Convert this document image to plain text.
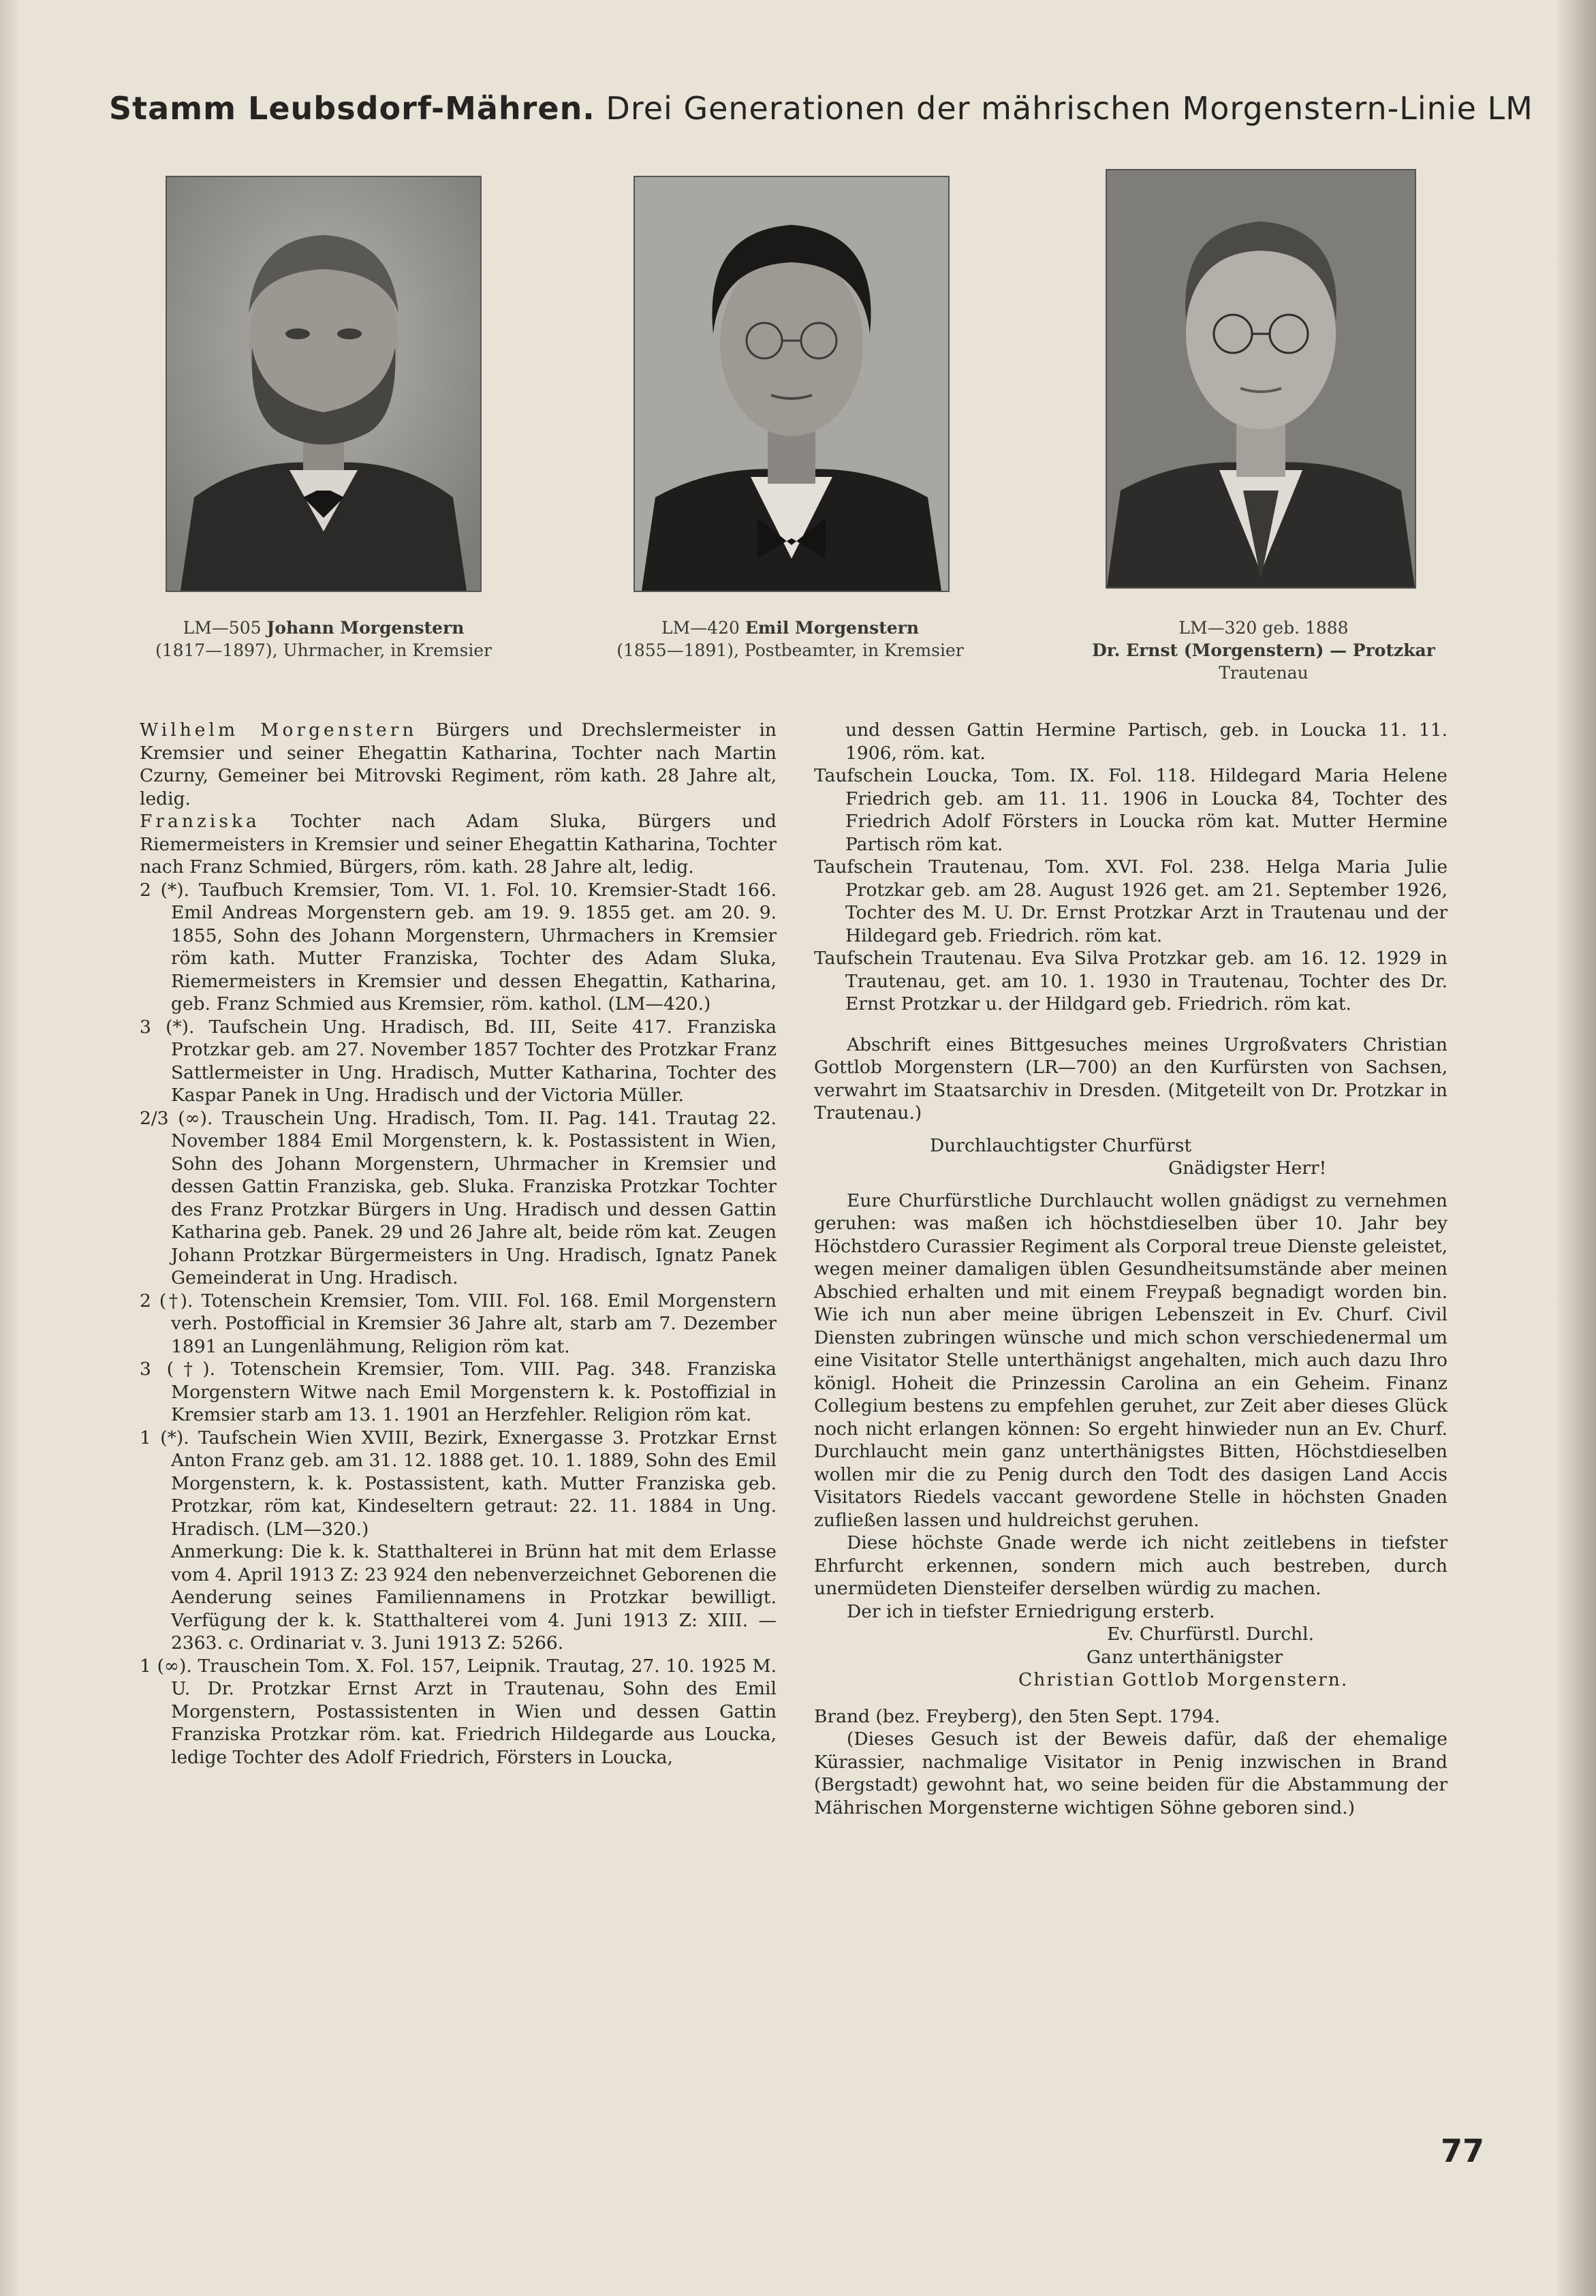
Stamm Leubsdorf-Mähren. Drei Generationen der mährischen Morgenstern-Linie LM
LM—505 Johann Morgenstern
(1817—1897), Uhrmacher, in Kremsier
LM—420 Emil Morgenstern
(1855—1891), Postbeamter, in Kremsier
LM—320 geb. 1888
Dr. Ernst (Morgenstern) — Protzkar
Trautenau

Wilhelm Morgenstern Bürgers und Drechslermeister in Kremsier und seiner Ehegattin Katharina, Tochter nach Martin Czurny, Gemeiner bei Mitrovski Regiment, röm kath. 28 Jahre alt, ledig.

Franziska Tochter nach Adam Sluka, Bürgers und Riemermeisters in Kremsier und seiner Ehegattin Katharina, Tochter nach Franz Schmied, Bürgers, röm. kath. 28 Jahre alt, ledig.

2 (*). Taufbuch Kremsier, Tom. VI. 1. Fol. 10. Kremsier-Stadt 166. Emil Andreas Morgenstern geb. am 19. 9. 1855 get. am 20. 9. 1855, Sohn des Johann Morgenstern, Uhrmachers in Kremsier röm kath. Mutter Franziska, Tochter des Adam Sluka, Riemermeisters in Kremsier und dessen Ehegattin, Katharina, geb. Franz Schmied aus Kremsier, röm. kathol. (LM—420.)

3 (*). Taufschein Ung. Hradisch, Bd. III, Seite 417. Franziska Protzkar geb. am 27. November 1857 Tochter des Protzkar Franz Sattlermeister in Ung. Hradisch, Mutter Katharina, Tochter des Kaspar Panek in Ung. Hradisch und der Victoria Müller.

2/3 (∞). Trauschein Ung. Hradisch, Tom. II. Pag. 141. Trautag 22. November 1884 Emil Morgenstern, k. k. Postassistent in Wien, Sohn des Johann Morgenstern, Uhrmacher in Kremsier und dessen Gattin Franziska, geb. Sluka. Franziska Protzkar Tochter des Franz Protzkar Bürgers in Ung. Hradisch und dessen Gattin Katharina geb. Panek. 29 und 26 Jahre alt, beide röm kat. Zeugen Johann Protzkar Bürgermeisters in Ung. Hradisch, Ignatz Panek Gemeinderat in Ung. Hradisch.

2 (†). Totenschein Kremsier, Tom. VIII. Fol. 168. Emil Morgenstern verh. Postofficial in Kremsier 36 Jahre alt, starb am 7. Dezember 1891 an Lungenlähmung, Religion röm kat.

3 (†). Totenschein Kremsier, Tom. VIII. Pag. 348. Franziska Morgenstern Witwe nach Emil Morgenstern k. k. Postoffizial in Kremsier starb am 13. 1. 1901 an Herzfehler. Religion röm kat.

1 (*). Taufschein Wien XVIII, Bezirk, Exnergasse 3. Protzkar Ernst Anton Franz geb. am 31. 12. 1888 get. 10. 1. 1889, Sohn des Emil Morgenstern, k. k. Postassistent, kath. Mutter Franziska geb. Protzkar, röm kat, Kindeseltern getraut: 22. 11. 1884 in Ung. Hradisch. (LM—320.)

Anmerkung: Die k. k. Statthalterei in Brünn hat mit dem Erlasse vom 4. April 1913 Z: 23 924 den nebenverzeichnet Geborenen die Aenderung seines Familiennamens in Protzkar bewilligt. Verfügung der k. k. Statthalterei vom 4. Juni 1913 Z: XIII. — 2363. c. Ordinariat v. 3. Juni 1913 Z: 5266.

1 (∞). Trauschein Tom. X. Fol. 157, Leipnik. Trautag, 27. 10. 1925 M. U. Dr. Protzkar Ernst Arzt in Trautenau, Sohn des Emil Morgenstern, Postassistenten in Wien und dessen Gattin Franziska Protzkar röm. kat. Friedrich Hildegarde aus Loucka, ledige Tochter des Adolf Friedrich, Försters in Loucka,

und dessen Gattin Hermine Partisch, geb. in Loucka 11. 11. 1906, röm. kat.

Taufschein Loucka, Tom. IX. Fol. 118. Hildegard Maria Helene Friedrich geb. am 11. 11. 1906 in Loucka 84, Tochter des Friedrich Adolf Försters in Loucka röm kat. Mutter Hermine Partisch röm kat.

Taufschein Trautenau, Tom. XVI. Fol. 238. Helga Maria Julie Protzkar geb. am 28. August 1926 get. am 21. September 1926, Tochter des M. U. Dr. Ernst Protzkar Arzt in Trautenau und der Hildegard geb. Friedrich. röm kat.

Taufschein Trautenau. Eva Silva Protzkar geb. am 16. 12. 1929 in Trautenau, get. am 10. 1. 1930 in Trautenau, Tochter des Dr. Ernst Protzkar u. der Hildgard geb. Friedrich. röm kat.

Abschrift eines Bittgesuches meines Urgroßvaters Christian Gottlob Morgenstern (LR—700) an den Kurfürsten von Sachsen, verwahrt im Staatsarchiv in Dresden. (Mitgeteilt von Dr. Protzkar in Trautenau.)

Durchlauchtigster Churfürst

Gnädigster Herr!

Eure Churfürstliche Durchlaucht wollen gnädigst zu vernehmen geruhen: was maßen ich höchstdieselben über 10. Jahr bey Höchstdero Curassier Regiment als Corporal treue Dienste geleistet, wegen meiner damaligen üblen Gesundheitsumstände aber meinen Abschied erhalten und mit einem Freypaß begnadigt worden bin. Wie ich nun aber meine übrigen Lebenszeit in Ev. Churf. Civil Diensten zubringen wünsche und mich schon verschiedenermal um eine Visitator Stelle unterthänigst angehalten, mich auch dazu Ihro königl. Hoheit die Prinzessin Carolina an ein Geheim. Finanz Collegium bestens zu empfehlen geruhet, zur Zeit aber dieses Glück noch nicht erlangen können: So ergeht hinwieder nun an Ev. Churf. Durchlaucht mein ganz unterthänigstes Bitten, Höchstdieselben wollen mir die zu Penig durch den Todt des dasigen Land Accis Visitators Riedels vaccant gewordene Stelle in höchsten Gnaden zufließen lassen und huldreichst geruhen.

Diese höchste Gnade werde ich nicht zeitlebens in tiefster Ehrfurcht erkennen, sondern mich auch bestreben, durch unermüdeten Diensteifer derselben würdig zu machen.

Der ich in tiefster Erniedrigung ersterb.

Ev. Churfürstl. Durchl.

Ganz unterthänigster

Christian Gottlob Morgenstern.

Brand (bez. Freyberg), den 5ten Sept. 1794.

(Dieses Gesuch ist der Beweis dafür, daß der ehemalige Kürassier, nachmalige Visitator in Penig inzwischen in Brand (Bergstadt) gewohnt hat, wo seine beiden für die Abstammung der Mährischen Morgensterne wichtigen Söhne geboren sind.)

77
